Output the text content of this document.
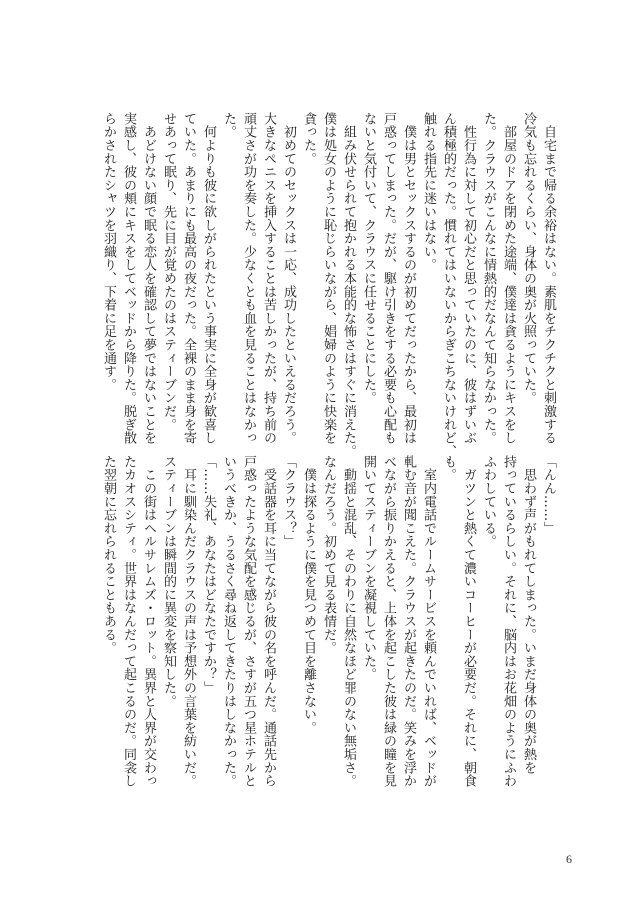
　自宅まで帰る余裕はない。素肌をチクチクと刺激する
冷気も忘れるくらい、身体の奥が火照っていた。
　部屋のドアを閉めた途端、僕達は貪るようにキスをし
た。クラウスがこんなに情熱的だなんて知らなかった。
　性行為に対して初心だと思っていたのに、彼はずいぶ
ん積極的だった。慣れてはいないからぎこちないけれど、
触れる指先に迷いはない。
　僕は男とセックスするのが初めてだったから、最初は
戸惑ってしまった。だが、駆け引きをする必要も心配も
ないと気付いて、クラウスに任せることにした。
　組み伏せられて抱かれる本能的な怖さはすぐに消えた。
僕は処女のように恥じらいながら、娼婦のように快楽を
貪った。
　初めてのセックスは一応、成功したといえるだろう。
大きなペニスを挿入することは苦しかったが、持ち前の
頑丈さが功を奏した。少なくとも血を見ることはなかっ
た。
　何よりも彼に欲しがられたという事実に全身が歓喜し
ていた。あまりにも最高の夜だった。全裸のまま身を寄
せあって眠り、先に目が覚めたのはスティーブンだ。
　あどけない顔で眠る恋人を確認して夢ではないことを
実感し、彼の頬にキスをしてベッドから降りた。脱ぎ散
らかされたシャツを羽織り、下着に足を通す。
「んん……」
　思わず声がもれてしまった。いまだ身体の奥が熱を
持っているらしい。それに、脳内はお花畑のようにふわ
ふわしている。
　ガツンと熱くて濃いコーヒーが必要だ。それに、朝食
も。
　室内電話でルームサービスを頼んでいれば、ベッドが
軋む音が聞こえた。クラウスが起きたのだ。笑みを浮か
べながら振りかえると、上体を起こした彼は緑の瞳を見
開いてスティーブンを凝視していた。
　動揺と混乱、そのわりに自然なほど罪のない無垢さ。
なんだろう。初めて見る表情だ。
　僕は探るように僕を見つめて目を離さない。
「クラウス？」
　受話器を耳に当てながら彼の名を呼んだ。通話先から
戸惑ったような気配を感じるが、さすが五つ星ホテルと
いうべきか、うるさく尋ね返してきたりはしなかった。
「……失礼、あなたはどなたですか？」
　耳に馴染んだクラウスの声は予想外の言葉を紡いだ。
スティーブンは瞬間的に異変を察知した。
　この街はヘルサレムズ・ロット。異界と人界が交わっ
たカオスシティ。世界はなんだって起こるのだ。同衾し
た翌朝に忘れられることもある。
6
